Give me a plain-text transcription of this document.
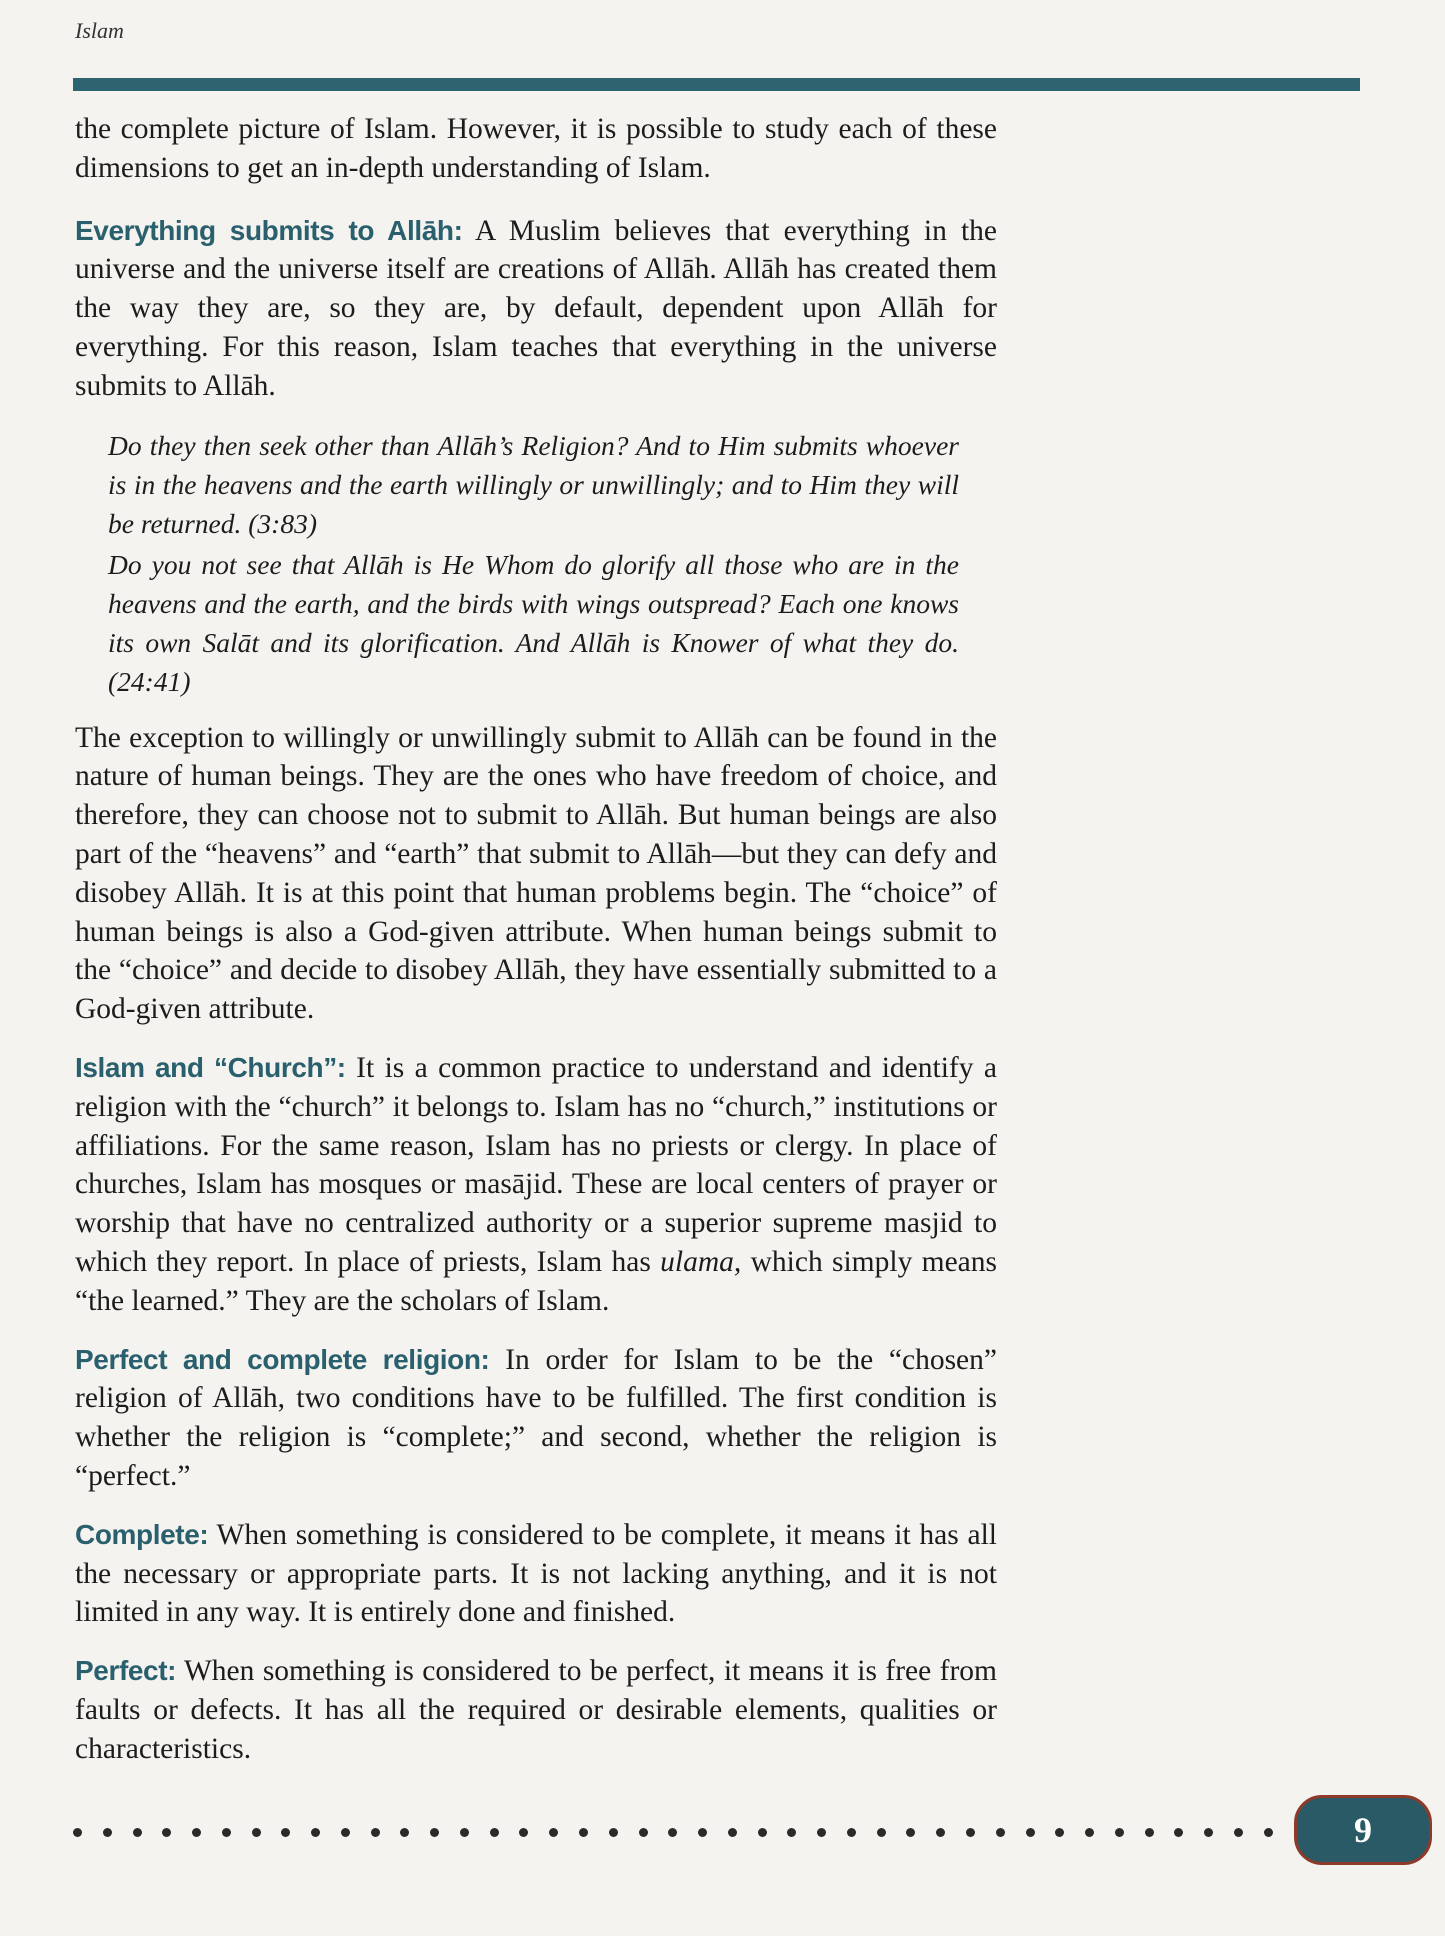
Islam

the complete picture of Islam. However, it is possible to study each of these dimensions to get an in-depth understanding of Islam.

Everything submits to Allāh: A Muslim believes that everything in the universe and the universe itself are creations of Allāh. Allāh has created them the way they are, so they are, by default, dependent upon Allāh for everything. For this reason, Islam teaches that everything in the universe submits to Allāh.

Do they then seek other than Allāh’s Religion? And to Him submits whoever is in the heavens and the earth willingly or unwillingly; and to Him they will be returned. (3:83)

Do you not see that Allāh is He Whom do glorify all those who are in the heavens and the earth, and the birds with wings outspread? Each one knows its own Salāt and its glorification. And Allāh is Knower of what they do. (24:41)

The exception to willingly or unwillingly submit to Allāh can be found in the nature of human beings. They are the ones who have freedom of choice, and therefore, they can choose not to submit to Allāh. But human beings are also part of the “heavens” and “earth” that submit to Allāh—but they can defy and disobey Allāh. It is at this point that human problems begin. The “choice” of human beings is also a God-given attribute. When human beings submit to the “choice” and decide to disobey Allāh, they have essentially submitted to a God-given attribute.

Islam and “Church”: It is a common practice to understand and identify a religion with the “church” it belongs to. Islam has no “church,” institutions or affiliations. For the same reason, Islam has no priests or clergy. In place of churches, Islam has mosques or masājid. These are local centers of prayer or worship that have no centralized authority or a superior supreme masjid to which they report. In place of priests, Islam has ulama, which simply means “the learned.” They are the scholars of Islam.

Perfect and complete religion: In order for Islam to be the “chosen” religion of Allāh, two conditions have to be fulfilled. The first condition is whether the religion is “complete;” and second, whether the religion is “perfect.”

Complete: When something is considered to be complete, it means it has all the necessary or appropriate parts. It is not lacking anything, and it is not limited in any way. It is entirely done and finished.

Perfect: When something is considered to be perfect, it means it is free from faults or defects. It has all the required or desirable elements, qualities or characteristics.

9
